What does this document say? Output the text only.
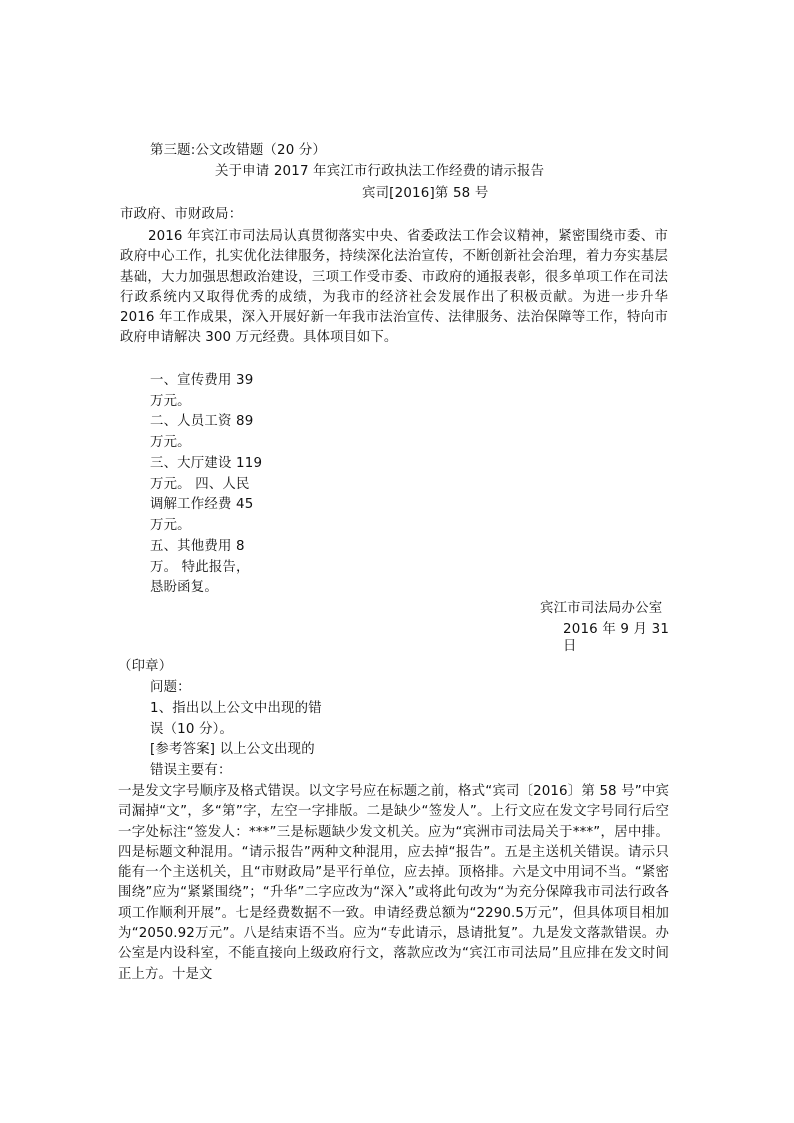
第三题:公文改错题（20 分）
关于申请 2017 年宾江市行政执法工作经费的请示报告
宾司[2016]第 58 号
市政府、市财政局：
2016 年宾江市司法局认真贯彻落实中央、省委政法工作会议精神，紧密围绕市委、市政府中心工作，扎实优化法律服务，持续深化法治宣传，不断创新社会治理，着力夯实基层基础，大力加强思想政治建设，三项工作受市委、市政府的通报表彰，很多单项工作在司法行政系统内又取得优秀的成绩，为我市的经济社会发展作出了积极贡献。为进一步升华 2016 年工作成果，深入开展好新一年我市法治宣传、法律服务、法治保障等工作，特向市政府申请解决 300 万元经费。具体项目如下。
一、宣传费用 39
万元。
二、人员工资 89
万元。
三、大厅建设 119
万元。 四、人民
调解工作经费 45
万元。
五、其他费用 8
万。 特此报告，
恳盼函复。
宾江市司法局办公室
2016 年 9 月 31
日
（印章）
问题：
1、指出以上公文中出现的错
误（10 分）。
[参考答案] 以上公文出现的
错误主要有：
一是发文字号顺序及格式错误。以文字号应在标题之前，格式“宾司〔2016〕第 58 号”中宾司漏掉“文”，多“第”字，左空一字排版。二是缺少“签发人”。上行文应在发文字号同行后空一字处标注“签发人：***”三是标题缺少发文机关。应为“宾洲市司法局关于***”，居中排。四是标题文种混用。“请示报告”两种文种混用，应去掉“报告”。五是主送机关错误。请示只能有一个主送机关，且“市财政局”是平行单位，应去掉。顶格排。六是文中用词不当。“紧密围绕”应为“紧紧围绕”；“升华”二字应改为“深入”或将此句改为“为充分保障我市司法行政各项工作顺利开展”。七是经费数据不一致。申请经费总额为“2290.5万元”，但具体项目相加为“2050.92万元”。八是结束语不当。应为“专此请示，恳请批复”。九是发文落款错误。办公室是内设科室，不能直接向上级政府行文，落款应改为“宾江市司法局”且应排在发文时间正上方。十是文
